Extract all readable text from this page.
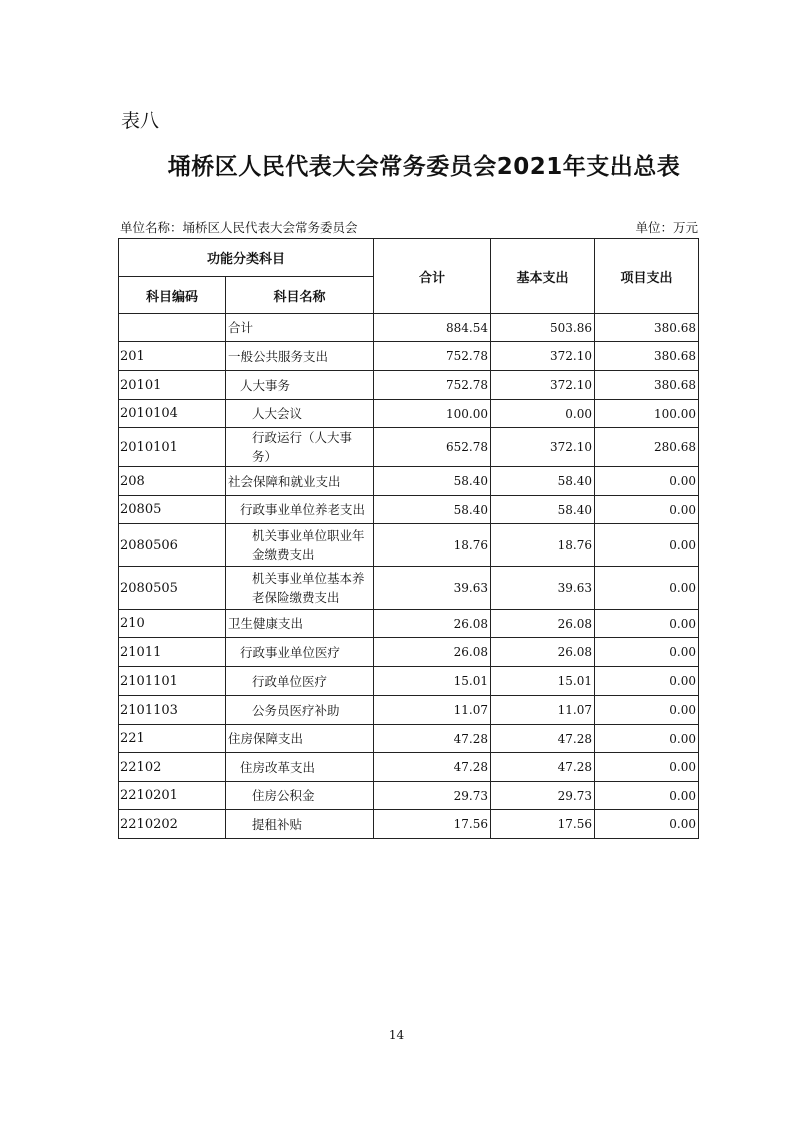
表八
埇桥区人民代表大会常务委员会2021年支出总表
单位名称：埇桥区人民代表大会常务委员会	单位：万元
功能分类科目		合计	基本支出	项目支出
科目编码	科目名称			
	合计	884.54	503.86	380.68
201	一般公共服务支出	752.78	372.10	380.68
20101	人大事务	752.78	372.10	380.68
2010104	人大会议	100.00	0.00	100.00
2010101	行政运行（人大事务）	652.78	372.10	280.68
208	社会保障和就业支出	58.40	58.40	0.00
20805	行政事业单位养老支出	58.40	58.40	0.00
2080506	机关事业单位职业年金缴费支出	18.76	18.76	0.00
2080505	机关事业单位基本养老保险缴费支出	39.63	39.63	0.00
210	卫生健康支出	26.08	26.08	0.00
21011	行政事业单位医疗	26.08	26.08	0.00
2101101	行政单位医疗	15.01	15.01	0.00
2101103	公务员医疗补助	11.07	11.07	0.00
221	住房保障支出	47.28	47.28	0.00
22102	住房改革支出	47.28	47.28	0.00
2210201	住房公积金	29.73	29.73	0.00
2210202	提租补贴	17.56	17.56	0.00
14
